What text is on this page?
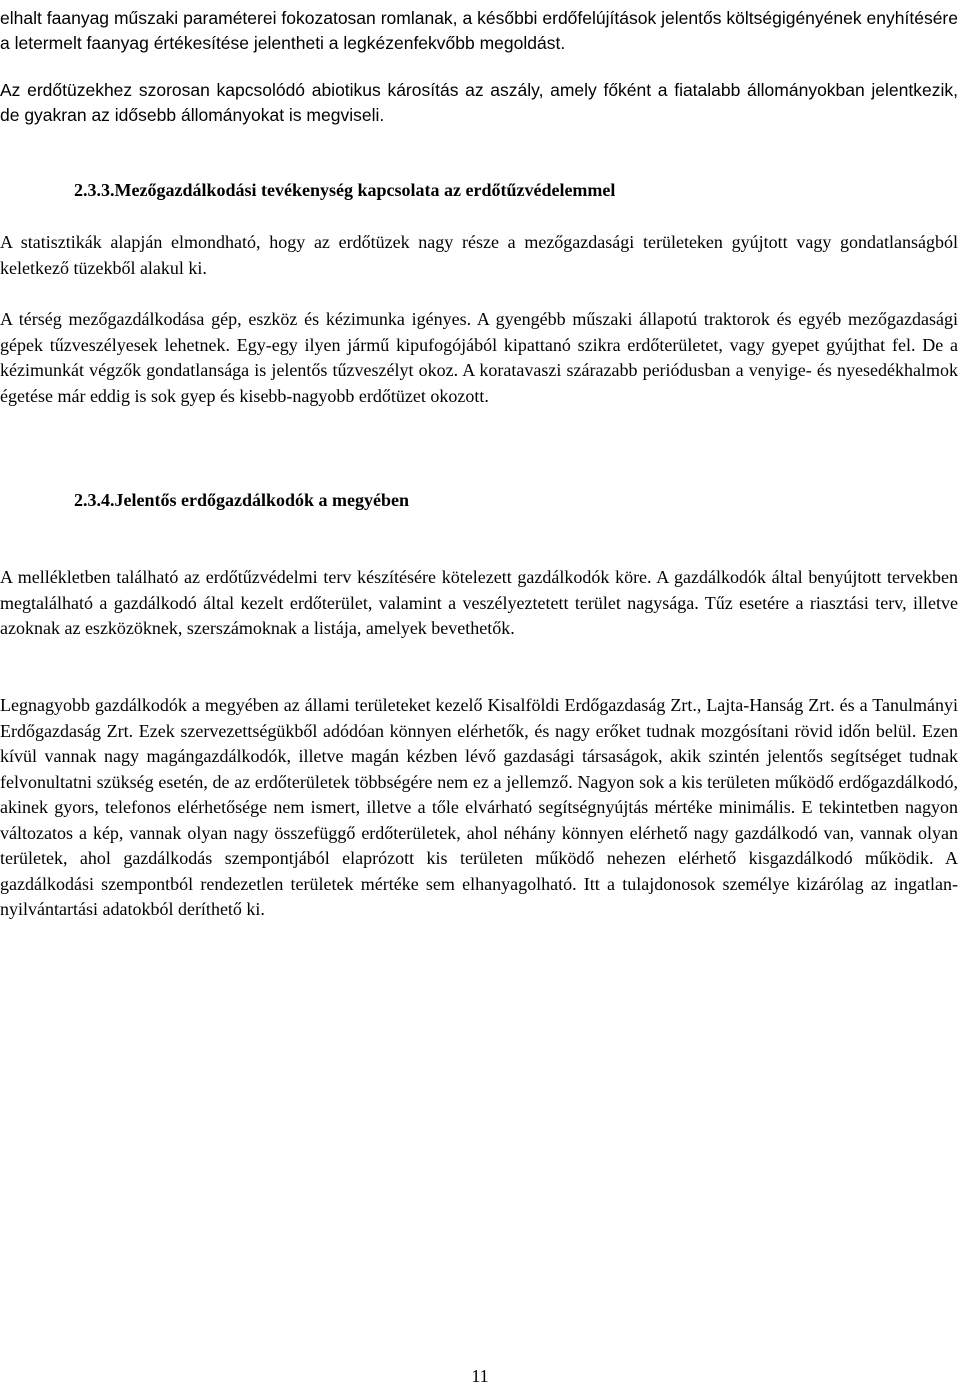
elhalt faanyag műszaki paraméterei fokozatosan romlanak, a későbbi erdőfelújítások jelentős költségigényének enyhítésére a letermelt faanyag értékesítése jelentheti a legkézenfekvőbb megoldást.

Az erdőtüzekhez szorosan kapcsolódó abiotikus károsítás az aszály, amely főként a fiatalabb állományokban jelentkezik, de gyakran az idősebb állományokat is megviseli.

2.3.3.Mezőgazdálkodási tevékenység kapcsolata az erdőtűzvédelemmel

A statisztikák alapján elmondható, hogy az erdőtüzek nagy része a mezőgazdasági területeken gyújtott vagy gondatlanságból keletkező tüzekből alakul ki.

A térség mezőgazdálkodása gép, eszköz és kézimunka igényes. A gyengébb műszaki állapotú traktorok és egyéb mezőgazdasági gépek tűzveszélyesek lehetnek. Egy-egy ilyen jármű kipufogójából kipattanó szikra erdőterületet, vagy gyepet gyújthat fel. De a kézimunkát végzők gondatlansága is jelentős tűzveszélyt okoz. A koratavaszi szárazabb periódusban a venyige- és nyesedékhalmok égetése már eddig is sok gyep és kisebb-nagyobb erdőtüzet okozott.

2.3.4.Jelentős erdőgazdálkodók a megyében

A mellékletben található az erdőtűzvédelmi terv készítésére kötelezett gazdálkodók köre. A gazdálkodók által benyújtott tervekben megtalálható a gazdálkodó által kezelt erdőterület, valamint a veszélyeztetett terület nagysága. Tűz esetére a riasztási terv, illetve azoknak az eszközöknek, szerszámoknak a listája, amelyek bevethetők.

Legnagyobb gazdálkodók a megyében az állami területeket kezelő Kisalföldi Erdőgazdaság Zrt., Lajta-Hanság Zrt. és a Tanulmányi Erdőgazdaság Zrt. Ezek szervezettségükből adódóan könnyen elérhetők, és nagy erőket tudnak mozgósítani rövid időn belül. Ezen kívül vannak nagy magángazdálkodók, illetve magán kézben lévő gazdasági társaságok, akik szintén jelentős segítséget tudnak felvonultatni szükség esetén, de az erdőterületek többségére nem ez a jellemző. Nagyon sok a kis területen működő erdőgazdálkodó, akinek gyors, telefonos elérhetősége nem ismert, illetve a tőle elvárható segítségnyújtás mértéke minimális. E tekintetben nagyon változatos a kép, vannak olyan nagy összefüggő erdőterületek, ahol néhány könnyen elérhető nagy gazdálkodó van, vannak olyan területek, ahol gazdálkodás szempontjából elaprózott kis területen működő nehezen elérhető kisgazdálkodó működik. A gazdálkodási szempontból rendezetlen területek mértéke sem elhanyagolható. Itt a tulajdonosok személye kizárólag az ingatlannyilvántartási adatokból deríthető ki.

11
